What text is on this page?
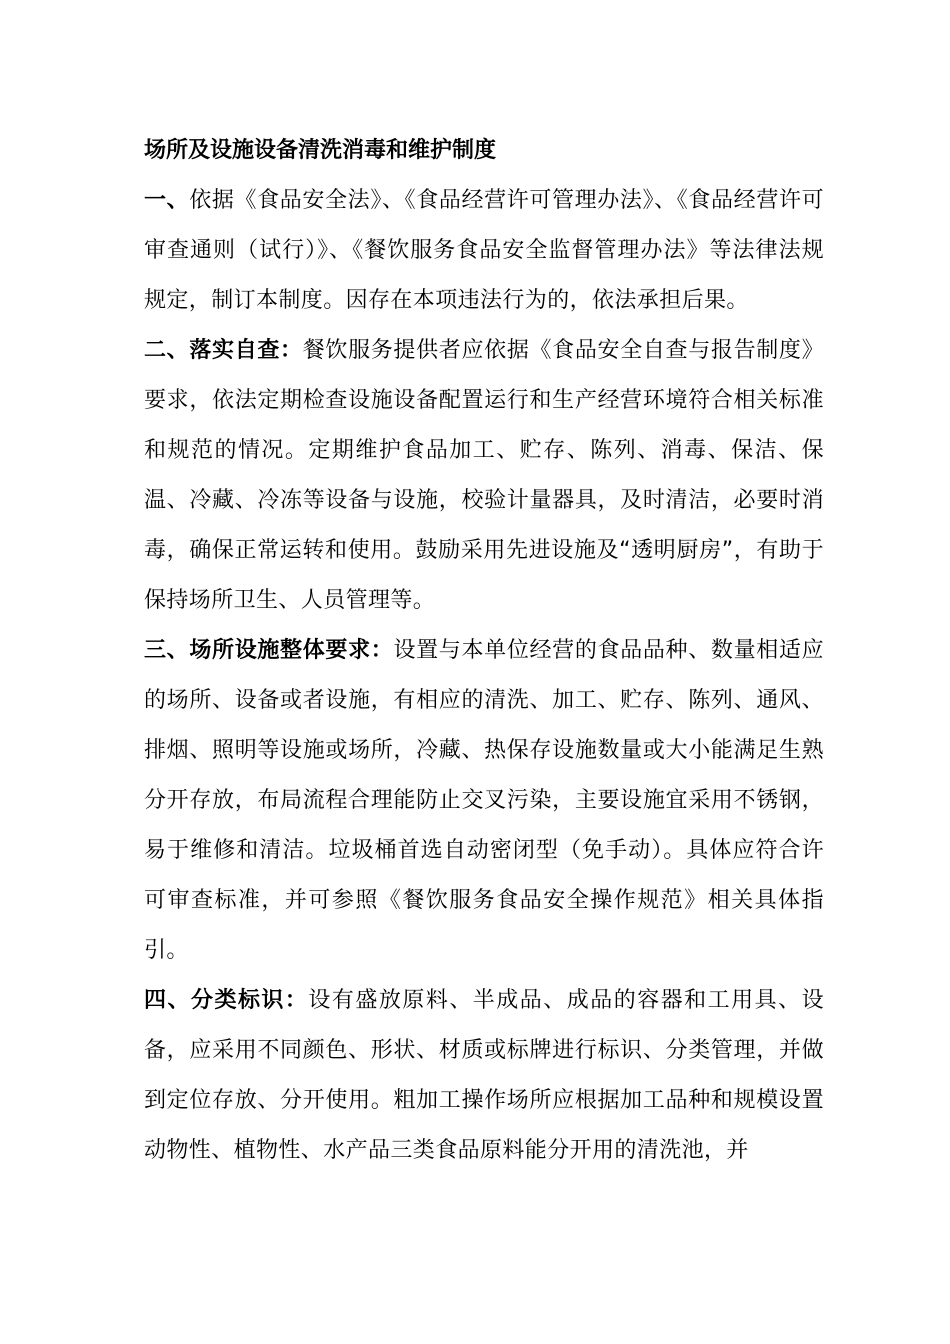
场所及设施设备清洗消毒和维护制度

一、依据《食品安全法》、《食品经营许可管理办法》、《食品经营许可审查通则（试行）》、《餐饮服务食品安全监督管理办法》等法律法规规定，制订本制度。因存在本项违法行为的，依法承担后果。

二、落实自查：餐饮服务提供者应依据《食品安全自查与报告制度》要求，依法定期检查设施设备配置运行和生产经营环境符合相关标准和规范的情况。定期维护食品加工、贮存、陈列、消毒、保洁、保温、冷藏、冷冻等设备与设施，校验计量器具，及时清洁，必要时消毒，确保正常运转和使用。鼓励采用先进设施及“透明厨房”，有助于保持场所卫生、人员管理等。

三、场所设施整体要求：设置与本单位经营的食品品种、数量相适应的场所、设备或者设施，有相应的清洗、加工、贮存、陈列、通风、排烟、照明等设施或场所，冷藏、热保存设施数量或大小能满足生熟分开存放，布局流程合理能防止交叉污染，主要设施宜采用不锈钢，易于维修和清洁。垃圾桶首选自动密闭型（免手动）。具体应符合许可审查标准，并可参照《餐饮服务食品安全操作规范》相关具体指引。

四、分类标识：设有盛放原料、半成品、成品的容器和工用具、设备，应采用不同颜色、形状、材质或标牌进行标识、分类管理，并做到定位存放、分开使用。粗加工操作场所应根据加工品种和规模设置动物性、植物性、水产品三类食品原料能分开用的清洗池，并
